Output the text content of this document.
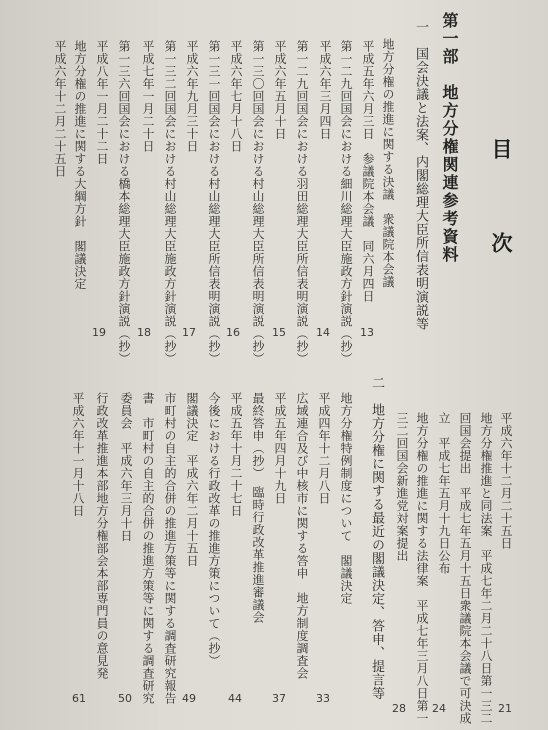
目　次
第一部　地方分権関連参考資料
一　国会決議と法案、内閣総理大臣所信表明演説等
地方分権の推進に関する決議　衆議院本会議
平成五年六月三日　参議院本会議　同六月四日
第一二九回国会における細川総理大臣施政方針演説（抄）
平成六年三月四日
第一二九回国会における羽田総理大臣所信表明演説（抄）
平成六年五月十日
第一三〇回国会における村山総理大臣所信表明演説（抄）
平成六年七月十八日
第一三一回国会における村山総理大臣所信表明演説（抄）
平成六年九月三十日
第一三二回国会における村山総理大臣施政方針演説（抄）
平成七年一月二十日
第一三六回国会における橋本総理大臣施政方針演説（抄）
平成八年一月二十二日
地方分権の推進に関する大綱方針　閣議決定
平成六年十二月二十五日
平成六年十二月二十五日
地方分権推進と同法案　平成七年二月二十八日第一三二
回国会提出　平成七年五月十五日衆議院本会議で可決成
立　平成七年五月十九日公布
地方分権の推進に関する法律案　平成七年三月八日第一
三二回国会新進党対案提出
13
14
15
16
17
18
19
21
24
28
二　地方分権に関する最近の閣議決定、答申、提言等
地方分権特例制度について　閣議決定
平成四年十二月八日
広域連合及び中核市に関する答申　地方制度調査会
平成五年四月十九日
最終答申（抄）　臨時行政改革推進審議会
平成五年十月二十七日
今後における行政改革の推進方策について（抄）
閣議決定　平成六年二月十五日
市町村の自主的合併の推進方策等に関する調査研究報告
書　市町村の自主的合併の推進方策等に関する調査研究
委員会　平成六年三月十日
行政改革推進本部地方分権部会本部専門員の意見発
平成六年十一月十八日
33
37
44
49
50
61
